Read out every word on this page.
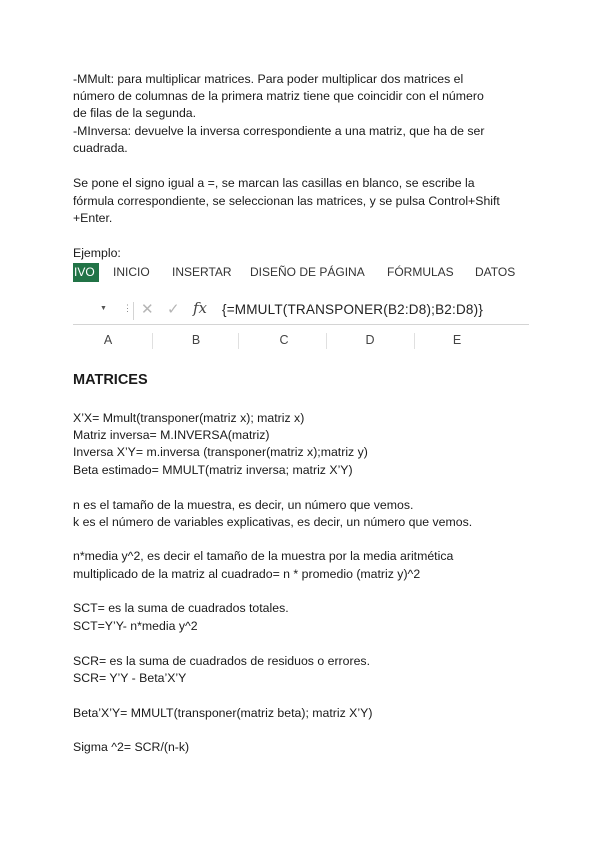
-MMult: para multiplicar matrices. Para poder multiplicar dos matrices el

número de columnas de la primera matriz tiene que coincidir con el número

de filas de la segunda.

-MInversa: devuelve la inversa correspondiente a una matriz, que ha de ser

cuadrada.

Se pone el signo igual a =, se marcan las casillas en blanco, se escribe la

fórmula correspondiente, se seleccionan las matrices, y se pulsa Control+Shift

+Enter.

Ejemplo:

IVO	INICIO INSERTAR DISEÑO DE PÁGINA FÓRMULAS DATOS
▼ ⋮ ✕ ✓ fx {=MMULT(TRANSPONER(B2:D8);B2:D8)}
A	B	C	D	E
MATRICES

X’X= Mmult(transponer(matriz x); matriz x)

Matriz inversa= M.INVERSA(matriz)

Inversa X’Y= m.inversa (transponer(matriz x);matriz y)

Beta estimado= MMULT(matriz inversa; matriz X’Y)

n es el tamaño de la muestra, es decir, un número que vemos.

k es el número de variables explicativas, es decir, un número que vemos.

n*media y^2, es decir el tamaño de la muestra por la media aritmética

multiplicado de la matriz al cuadrado= n * promedio (matriz y)^2

SCT= es la suma de cuadrados totales.

SCT=Y’Y- n*media y^2

SCR= es la suma de cuadrados de residuos o errores.

SCR= Y’Y - Beta’X’Y

Beta’X’Y= MMULT(transponer(matriz beta); matriz X’Y)

Sigma ^2= SCR/(n-k)
